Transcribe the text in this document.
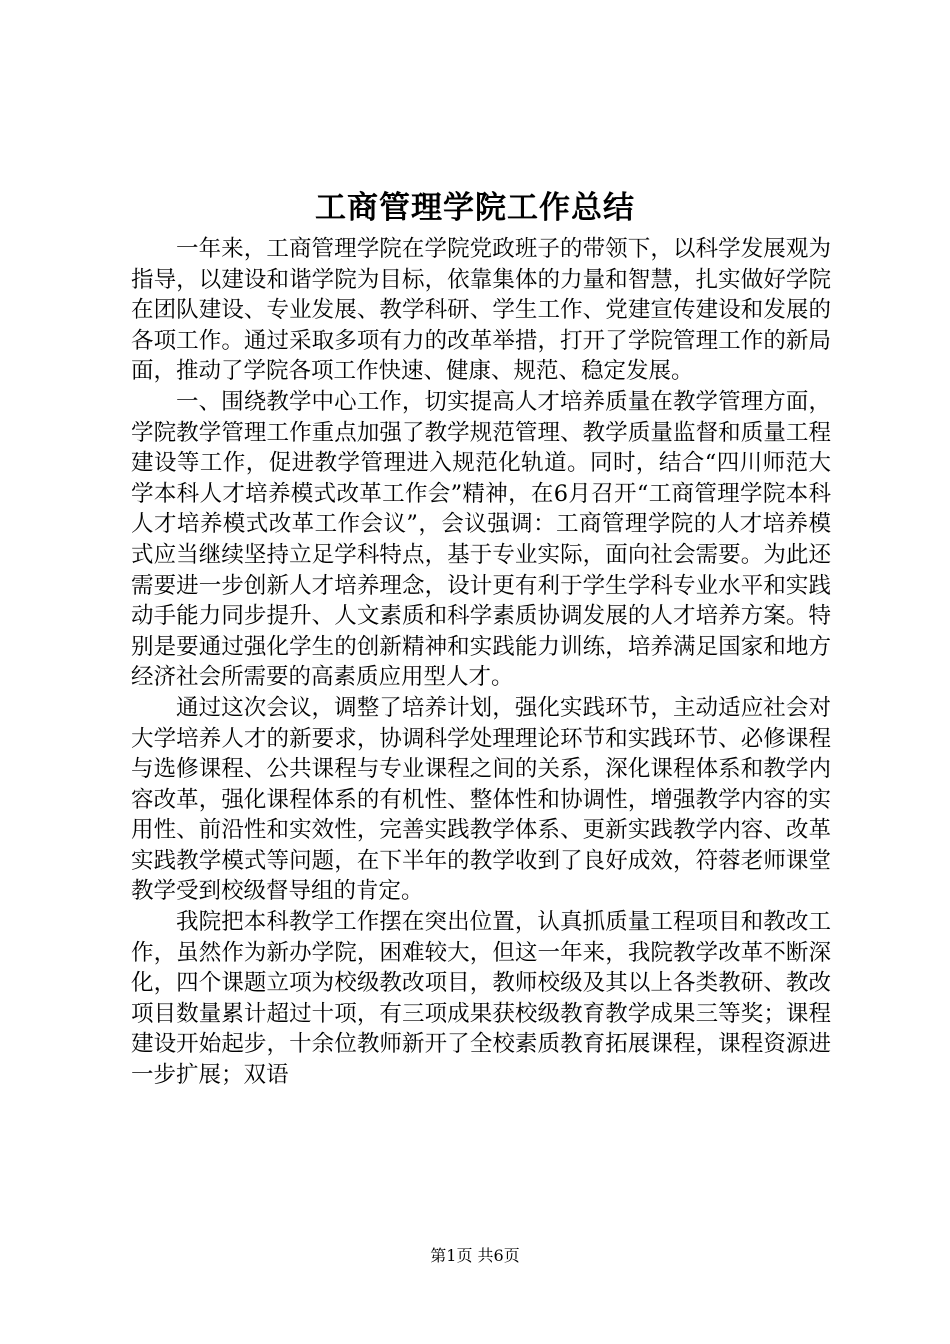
工商管理学院工作总结

一年来，工商管理学院在学院党政班子的带领下，以科学发展观为指导，以建设和谐学院为目标，依靠集体的力量和智慧，扎实做好学院在团队建设、专业发展、教学科研、学生工作、党建宣传建设和发展的各项工作。通过采取多项有力的改革举措，打开了学院管理工作的新局面，推动了学院各项工作快速、健康、规范、稳定发展。

一、围绕教学中心工作，切实提高人才培养质量在教学管理方面，学院教学管理工作重点加强了教学规范管理、教学质量监督和质量工程建设等工作，促进教学管理进入规范化轨道。同时，结合“四川师范大学本科人才培养模式改革工作会”精神，在6月召开“工商管理学院本科人才培养模式改革工作会议”，会议强调：工商管理学院的人才培养模式应当继续坚持立足学科特点，基于专业实际，面向社会需要。为此还需要进一步创新人才培养理念，设计更有利于学生学科专业水平和实践动手能力同步提升、人文素质和科学素质协调发展的人才培养方案。特别是要通过强化学生的创新精神和实践能力训练，培养满足国家和地方经济社会所需要的高素质应用型人才。

通过这次会议，调整了培养计划，强化实践环节，主动适应社会对大学培养人才的新要求，协调科学处理理论环节和实践环节、必修课程与选修课程、公共课程与专业课程之间的关系，深化课程体系和教学内容改革，强化课程体系的有机性、整体性和协调性，增强教学内容的实用性、前沿性和实效性，完善实践教学体系、更新实践教学内容、改革实践教学模式等问题，在下半年的教学收到了良好成效，符蓉老师课堂教学受到校级督导组的肯定。

我院把本科教学工作摆在突出位置，认真抓质量工程项目和教改工作，虽然作为新办学院，困难较大，但这一年来，我院教学改革不断深化，四个课题立项为校级教改项目，教师校级及其以上各类教研、教改项目数量累计超过十项，有三项成果获校级教育教学成果三等奖；课程建设开始起步，十余位教师新开了全校素质教育拓展课程，课程资源进一步扩展；双语

第1页 共6页
